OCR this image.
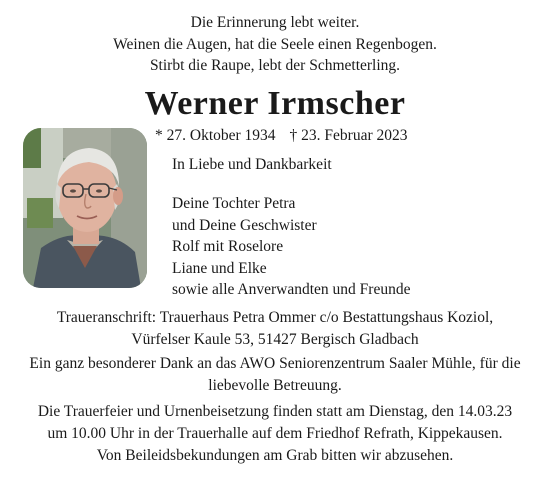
Die Erinnerung lebt weiter.
Weinen die Augen, hat die Seele einen Regenbogen.
Stirbt die Raupe, lebt der Schmetterling.
Werner Irmscher
* 27. Oktober 1934 † 23. Februar 2023
In Liebe und Dankbarkeit
Deine Tochter Petra
und Deine Geschwister
Rolf mit Roselore
Liane und Elke
sowie alle Anverwandten und Freunde
Traueranschrift: Trauerhaus Petra Ommer c/o Bestattungshaus Koziol,
Vürfelser Kaule 53, 51427 Bergisch Gladbach
Ein ganz besonderer Dank an das AWO Seniorenzentrum Saaler Mühle, für die
liebevolle Betreuung.
Die Trauerfeier und Urnenbeisetzung finden statt am Dienstag, den 14.03.23
um 10.00 Uhr in der Trauerhalle auf dem Friedhof Refrath, Kippekausen.
Von Beileidsbekundungen am Grab bitten wir abzusehen.
